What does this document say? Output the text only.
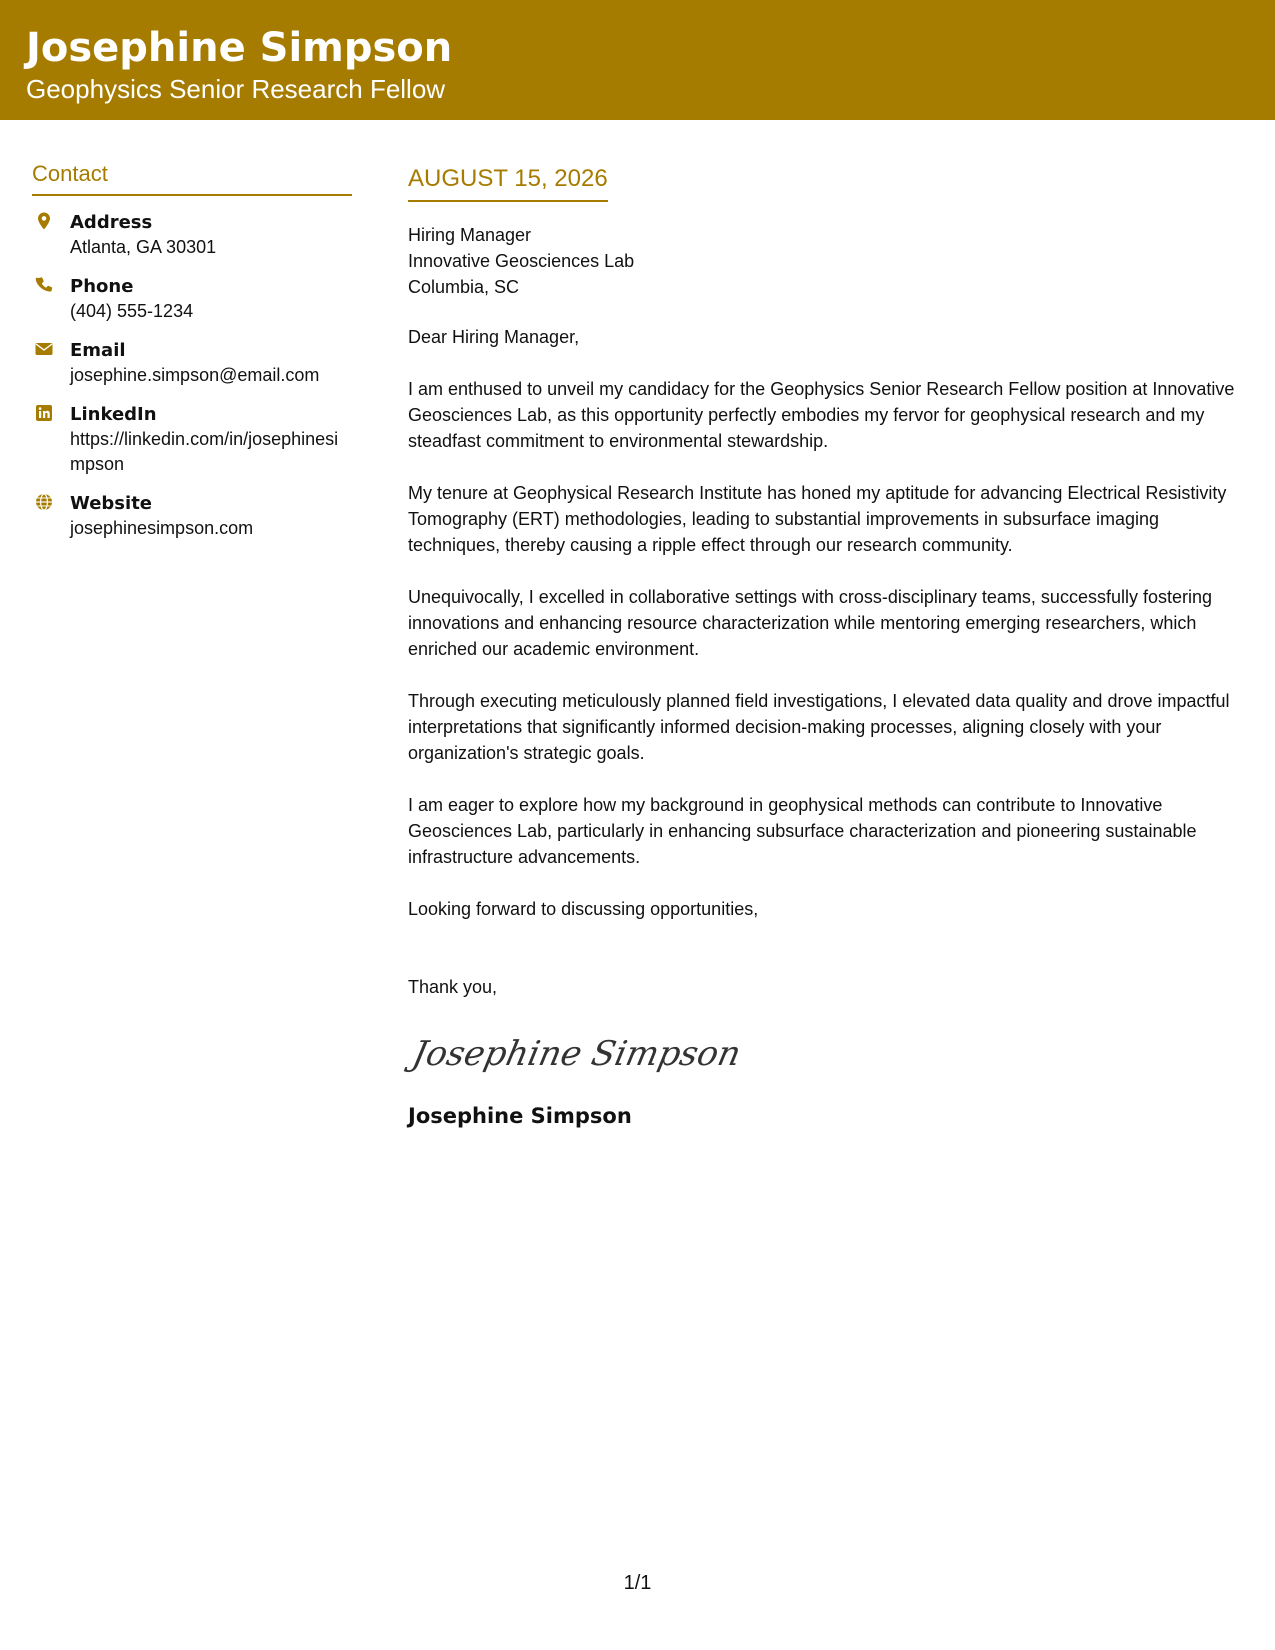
Josephine Simpson
Geophysics Senior Research Fellow
Contact
Address
Atlanta, GA 30301
Phone
(404) 555-1234
Email
josephine.simpson@email.com
LinkedIn
https://linkedin.com/in/josephinesimpson
Website
josephinesimpson.com
AUGUST 15, 2026
Hiring Manager
Innovative Geosciences Lab
Columbia, SC
Dear Hiring Manager,
I am enthused to unveil my candidacy for the Geophysics Senior Research Fellow position at Innovative Geosciences Lab, as this opportunity perfectly embodies my fervor for geophysical research and my steadfast commitment to environmental stewardship.
My tenure at Geophysical Research Institute has honed my aptitude for advancing Electrical Resistivity Tomography (ERT) methodologies, leading to substantial improvements in subsurface imaging techniques, thereby causing a ripple effect through our research community.
Unequivocally, I excelled in collaborative settings with cross-disciplinary teams, successfully fostering innovations and enhancing resource characterization while mentoring emerging researchers, which enriched our academic environment.
Through executing meticulously planned field investigations, I elevated data quality and drove impactful interpretations that significantly informed decision-making processes, aligning closely with your organization's strategic goals.
I am eager to explore how my background in geophysical methods can contribute to Innovative Geosciences Lab, particularly in enhancing subsurface characterization and pioneering sustainable infrastructure advancements.
Looking forward to discussing opportunities,
Thank you,
Josephine Simpson
Josephine Simpson
1/1
